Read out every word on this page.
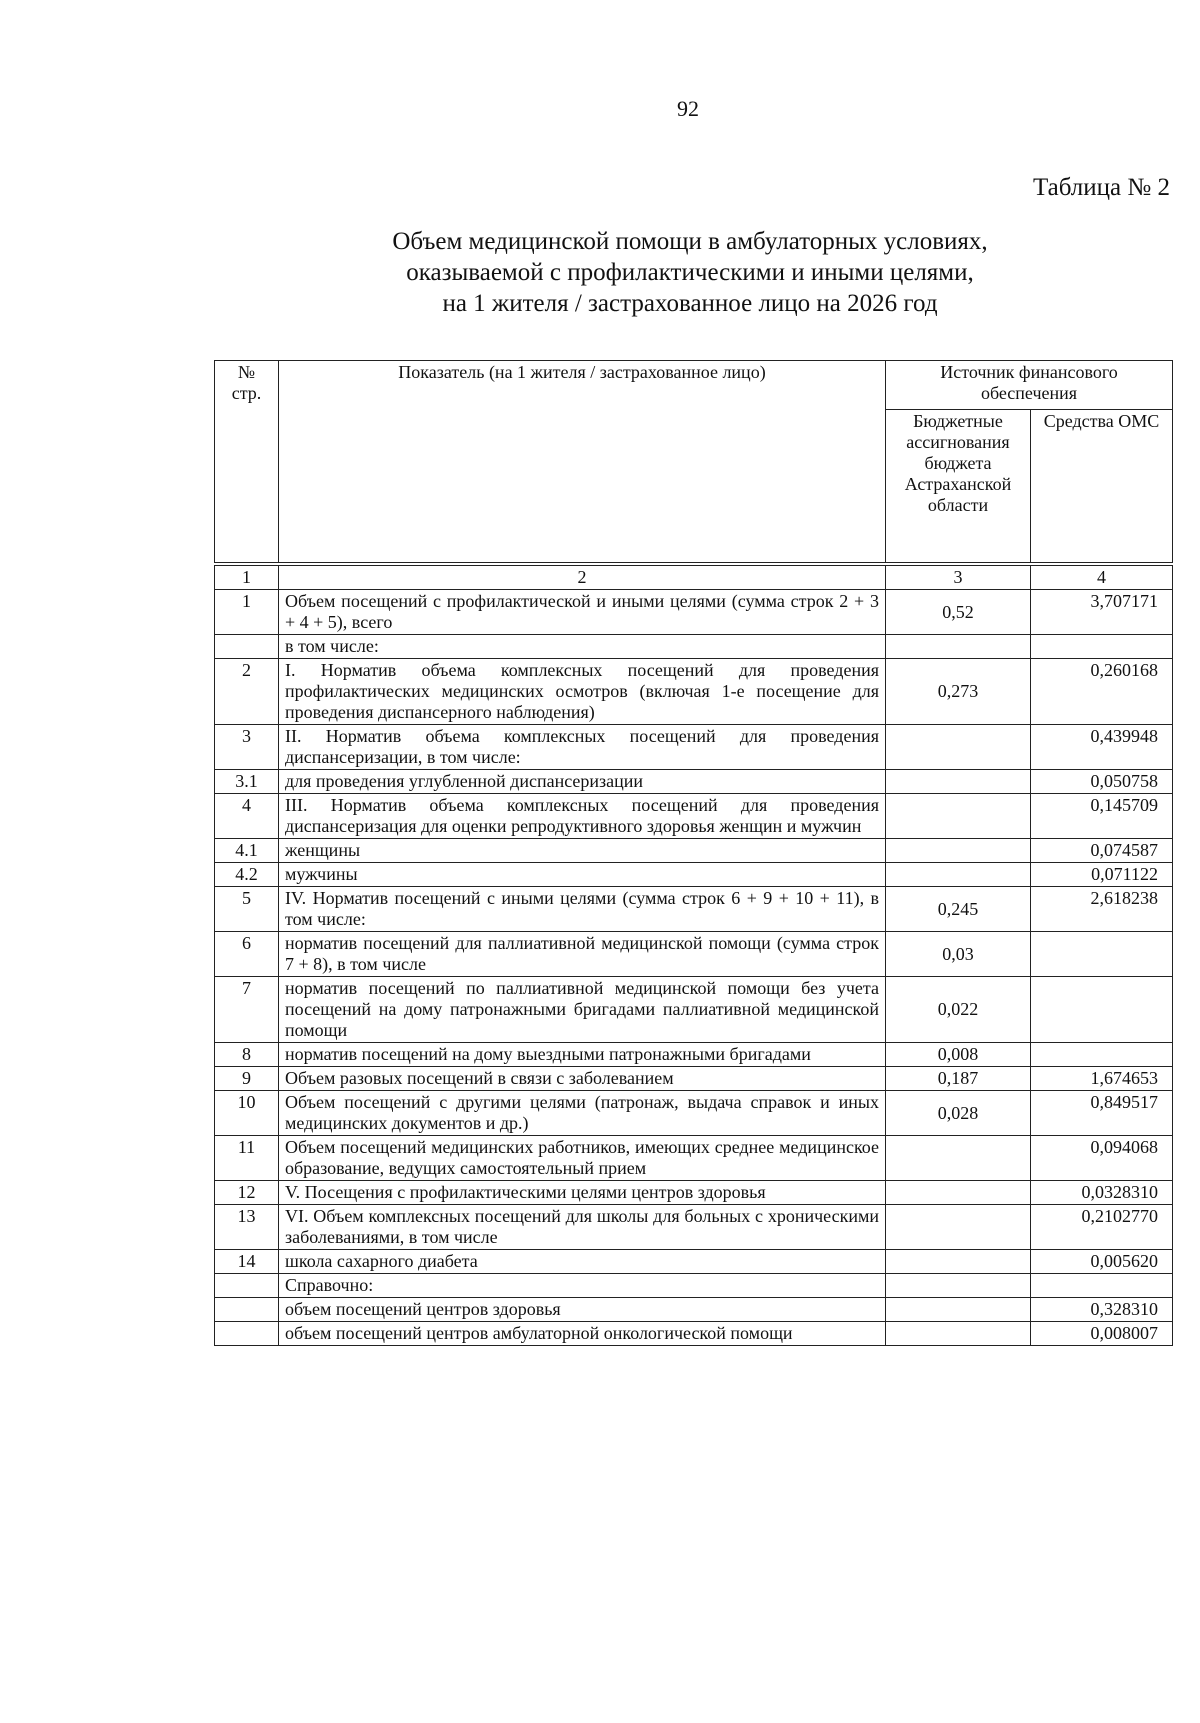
92
Таблица № 2
Объем медицинской помощи в амбулаторных условиях,
оказываемой с профилактическими и иными целями,
на 1 жителя / застрахованное лицо на 2026 год
№ стр.	Показатель (на 1 жителя / застрахованное лицо)	Источник финансового обеспечения	
		Бюджетные ассигнования бюджета Астраханской области	Средства ОМС
1	2	3	4
1	Объем посещений с профилактической и иными целями (сумма строк 2 + 3 + 4 + 5), всего	0,52	3,707171
	в том числе:		
2	I. Норматив объема комплексных посещений для проведения профилактических медицинских осмотров (включая 1-е посещение для проведения диспансерного наблюдения)	0,273	0,260168
3	II. Норматив объема комплексных посещений для проведения диспансеризации, в том числе:		0,439948
3.1	для проведения углубленной диспансеризации		0,050758
4	III. Норматив объема комплексных посещений для проведения диспансеризация для оценки репродуктивного здоровья женщин и мужчин		0,145709
4.1	женщины		0,074587
4.2	мужчины		0,071122
5	IV. Норматив посещений с иными целями (сумма строк 6 + 9 + 10 + 11), в том числе:	0,245	2,618238
6	норматив посещений для паллиативной медицинской помощи (сумма строк 7 + 8), в том числе	0,03	
7	норматив посещений по паллиативной медицинской помощи без учета посещений на дому патронажными бригадами паллиативной медицинской помощи	0,022	
8	норматив посещений на дому выездными патронажными бригадами	0,008	
9	Объем разовых посещений в связи с заболеванием	0,187	1,674653
10	Объем посещений с другими целями (патронаж, выдача справок и иных медицинских документов и др.)	0,028	0,849517
11	Объем посещений медицинских работников, имеющих среднее медицинское образование, ведущих самостоятельный прием		0,094068
12	V. Посещения с профилактическими целями центров здоровья		0,0328310
13	VI. Объем комплексных посещений для школы для больных с хроническими заболеваниями, в том числе		0,2102770
14	школа сахарного диабета		0,005620
	Справочно:		
	объем посещений центров здоровья		0,328310
	объем посещений центров амбулаторной онкологической помощи		0,008007
